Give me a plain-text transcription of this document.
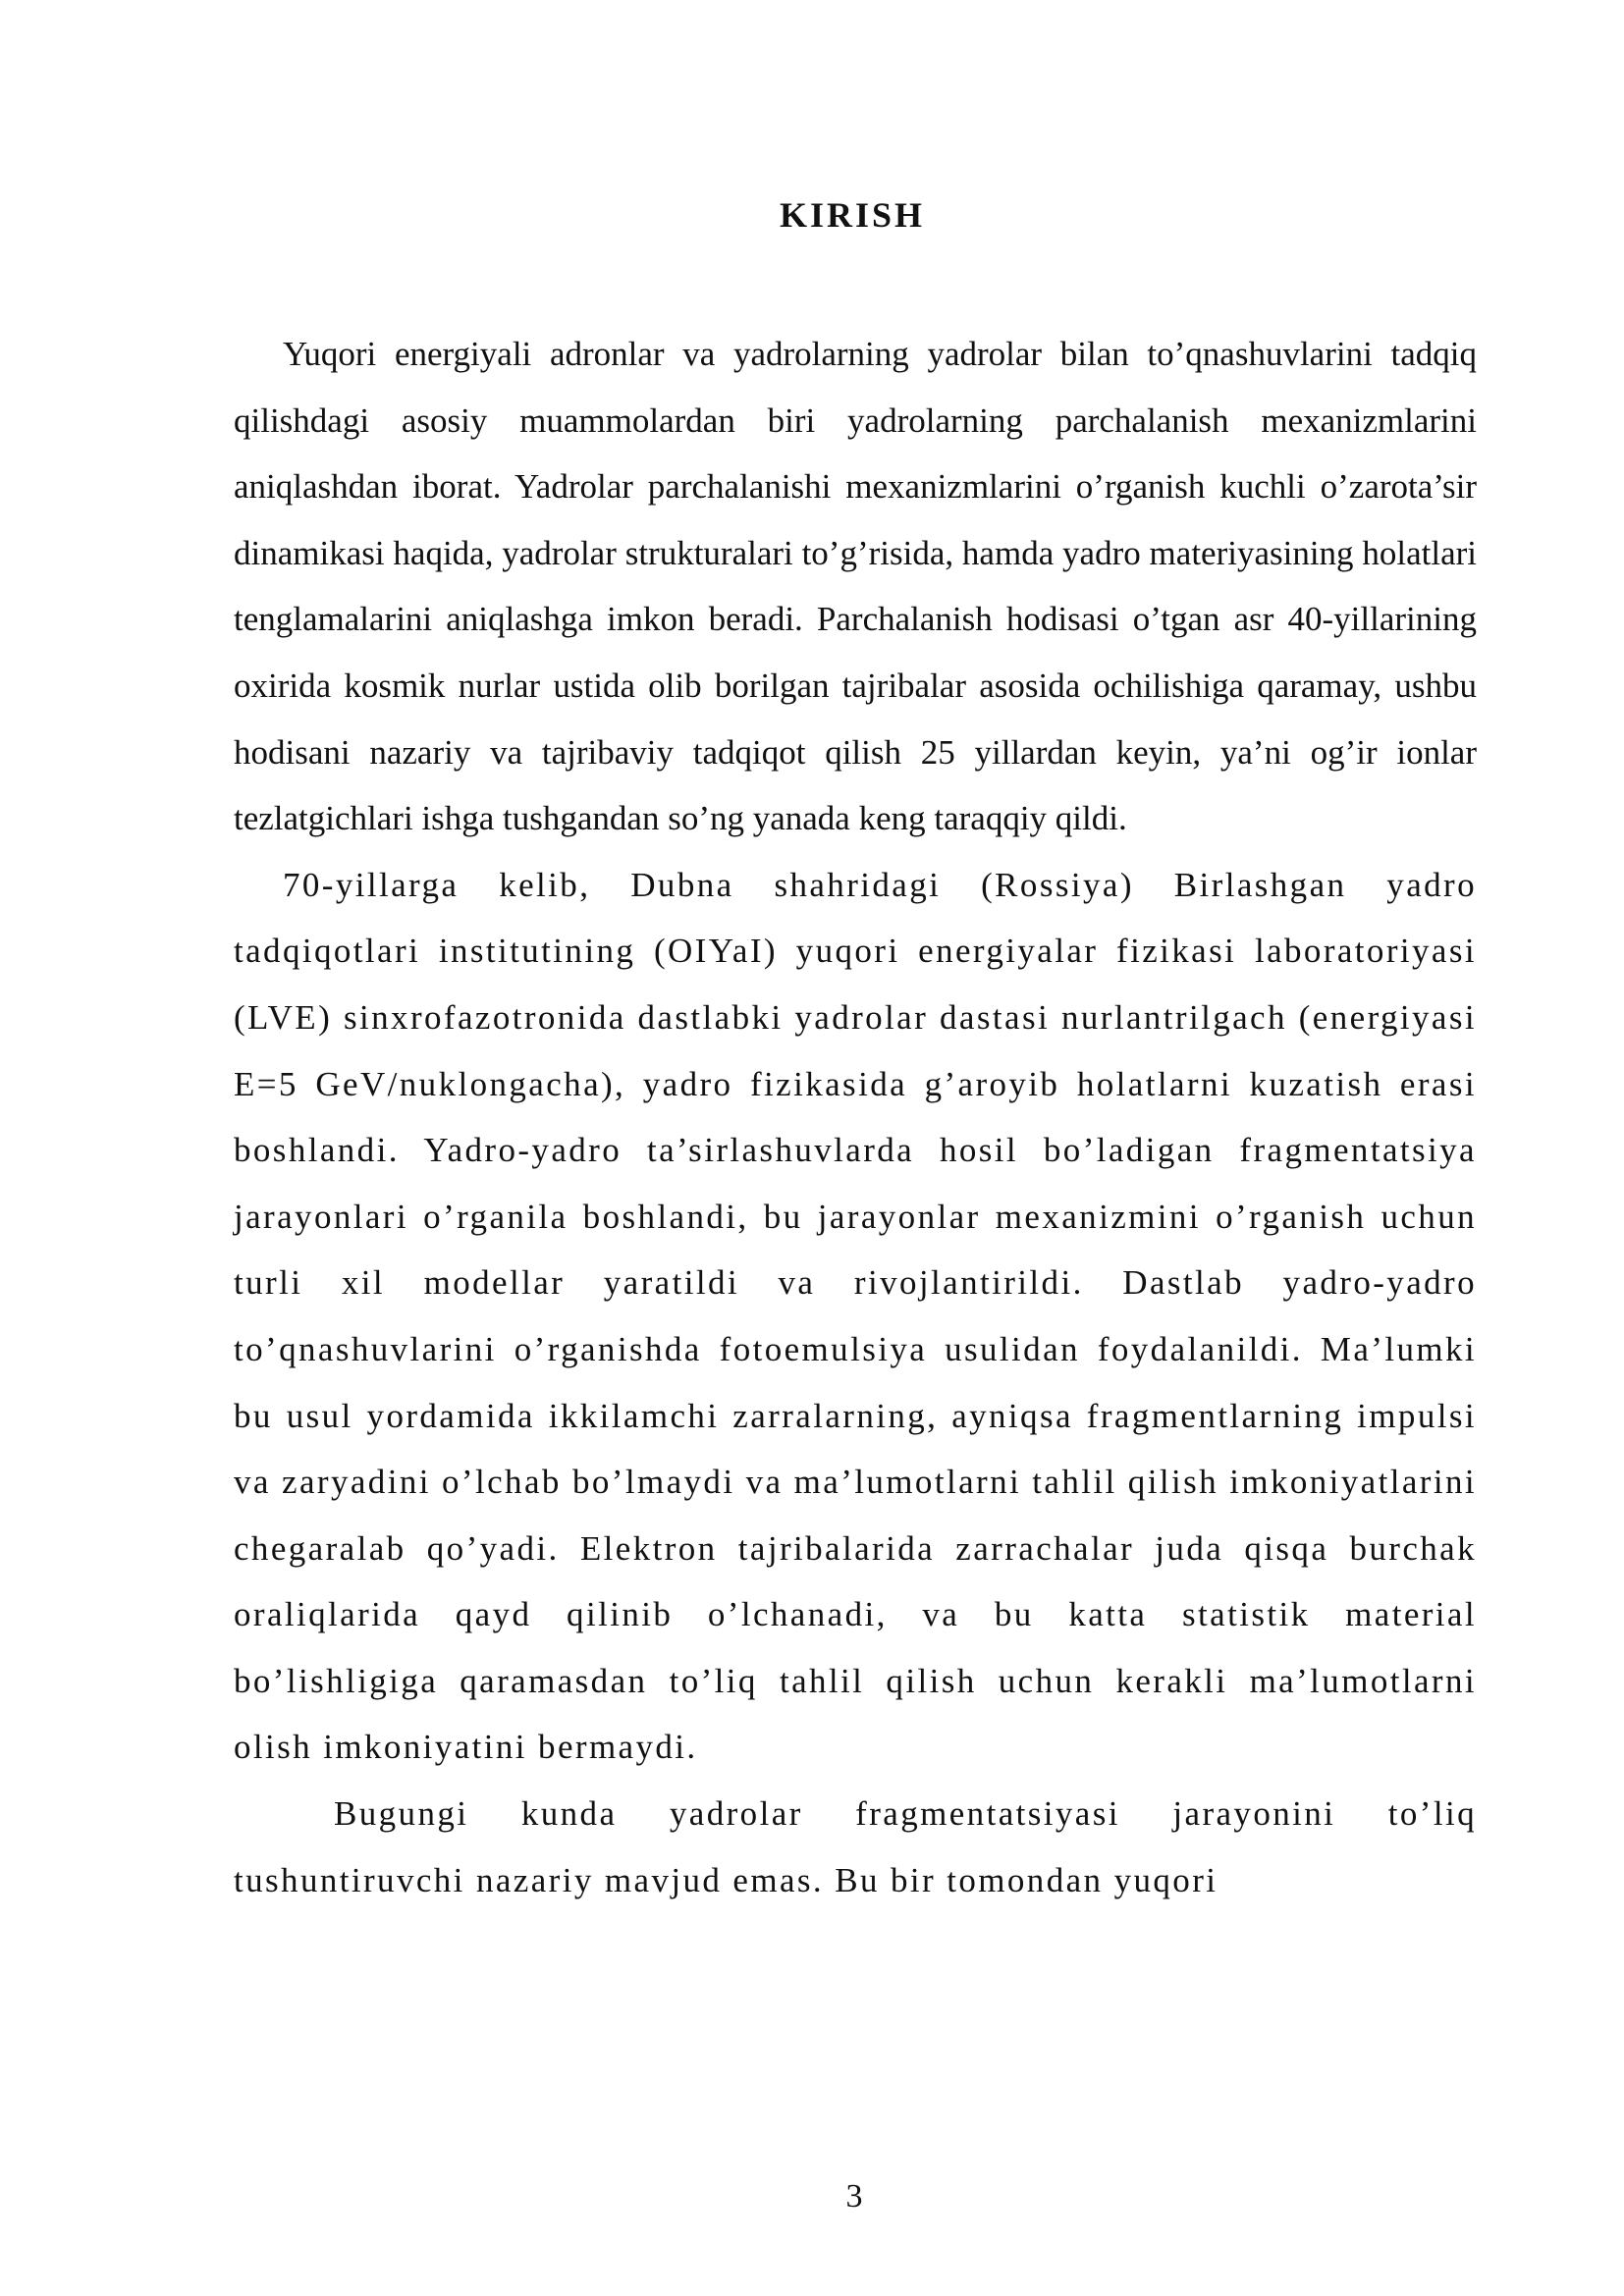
KIRISH

Yuqori energiyali adronlar va yadrolarning yadrolar bilan to’qnashuvlarini tadqiq qilishdagi asosiy muammolardan biri yadrolarning parchalanish mexanizmlarini aniqlashdan iborat. Yadrolar parchalanishi mexanizmlarini o’rganish kuchli o’zarota’sir dinamikasi haqida, yadrolar strukturalari to’g’risida, hamda yadro materiyasining holatlari tenglamalarini aniqlashga imkon beradi. Parchalanish hodisasi o’tgan asr 40-yillarining oxirida kosmik nurlar ustida olib borilgan tajribalar asosida ochilishiga qaramay, ushbu hodisani nazariy va tajribaviy tadqiqot qilish 25 yillardan keyin, ya’ni og’ir ionlar tezlatgichlari ishga tushgandan so’ng yanada keng taraqqiy qildi.

70-yillarga kelib, Dubna shahridagi (Rossiya) Birlashgan yadro tadqiqotlari institutining (OIYaI) yuqori energiyalar fizikasi laboratoriyasi (LVE) sinxrofazotronida dastlabki yadrolar dastasi nurlantrilgach (energiyasi E=5 GeV/nuklongacha), yadro fizikasida g’aroyib holatlarni kuzatish erasi boshlandi. Yadro-yadro ta’sirlashuvlarda hosil bo’ladigan fragmentatsiya jarayonlari o’rganila boshlandi, bu jarayonlar mexanizmini o’rganish uchun turli xil modellar yaratildi va rivojlantirildi. Dastlab yadro-yadro to’qnashuvlarini o’rganishda fotoemulsiya usulidan foydalanildi. Ma’lumki bu usul yordamida ikkilamchi zarralarning, ayniqsa fragmentlarning impulsi va zaryadini o’lchab bo’lmaydi va ma’lumotlarni tahlil qilish imkoniyatlarini chegaralab qo’yadi. Elektron tajribalarida zarrachalar juda qisqa burchak oraliqlarida qayd qilinib o’lchanadi, va bu katta statistik material bo’lishligiga qaramasdan to’liq tahlil qilish uchun kerakli ma’lumotlarni olish imkoniyatini bermaydi.

Bugungi kunda yadrolar fragmentatsiyasi jarayonini to’liq tushuntiruvchi nazariy mavjud emas. Bu bir tomondan yuqori

3
